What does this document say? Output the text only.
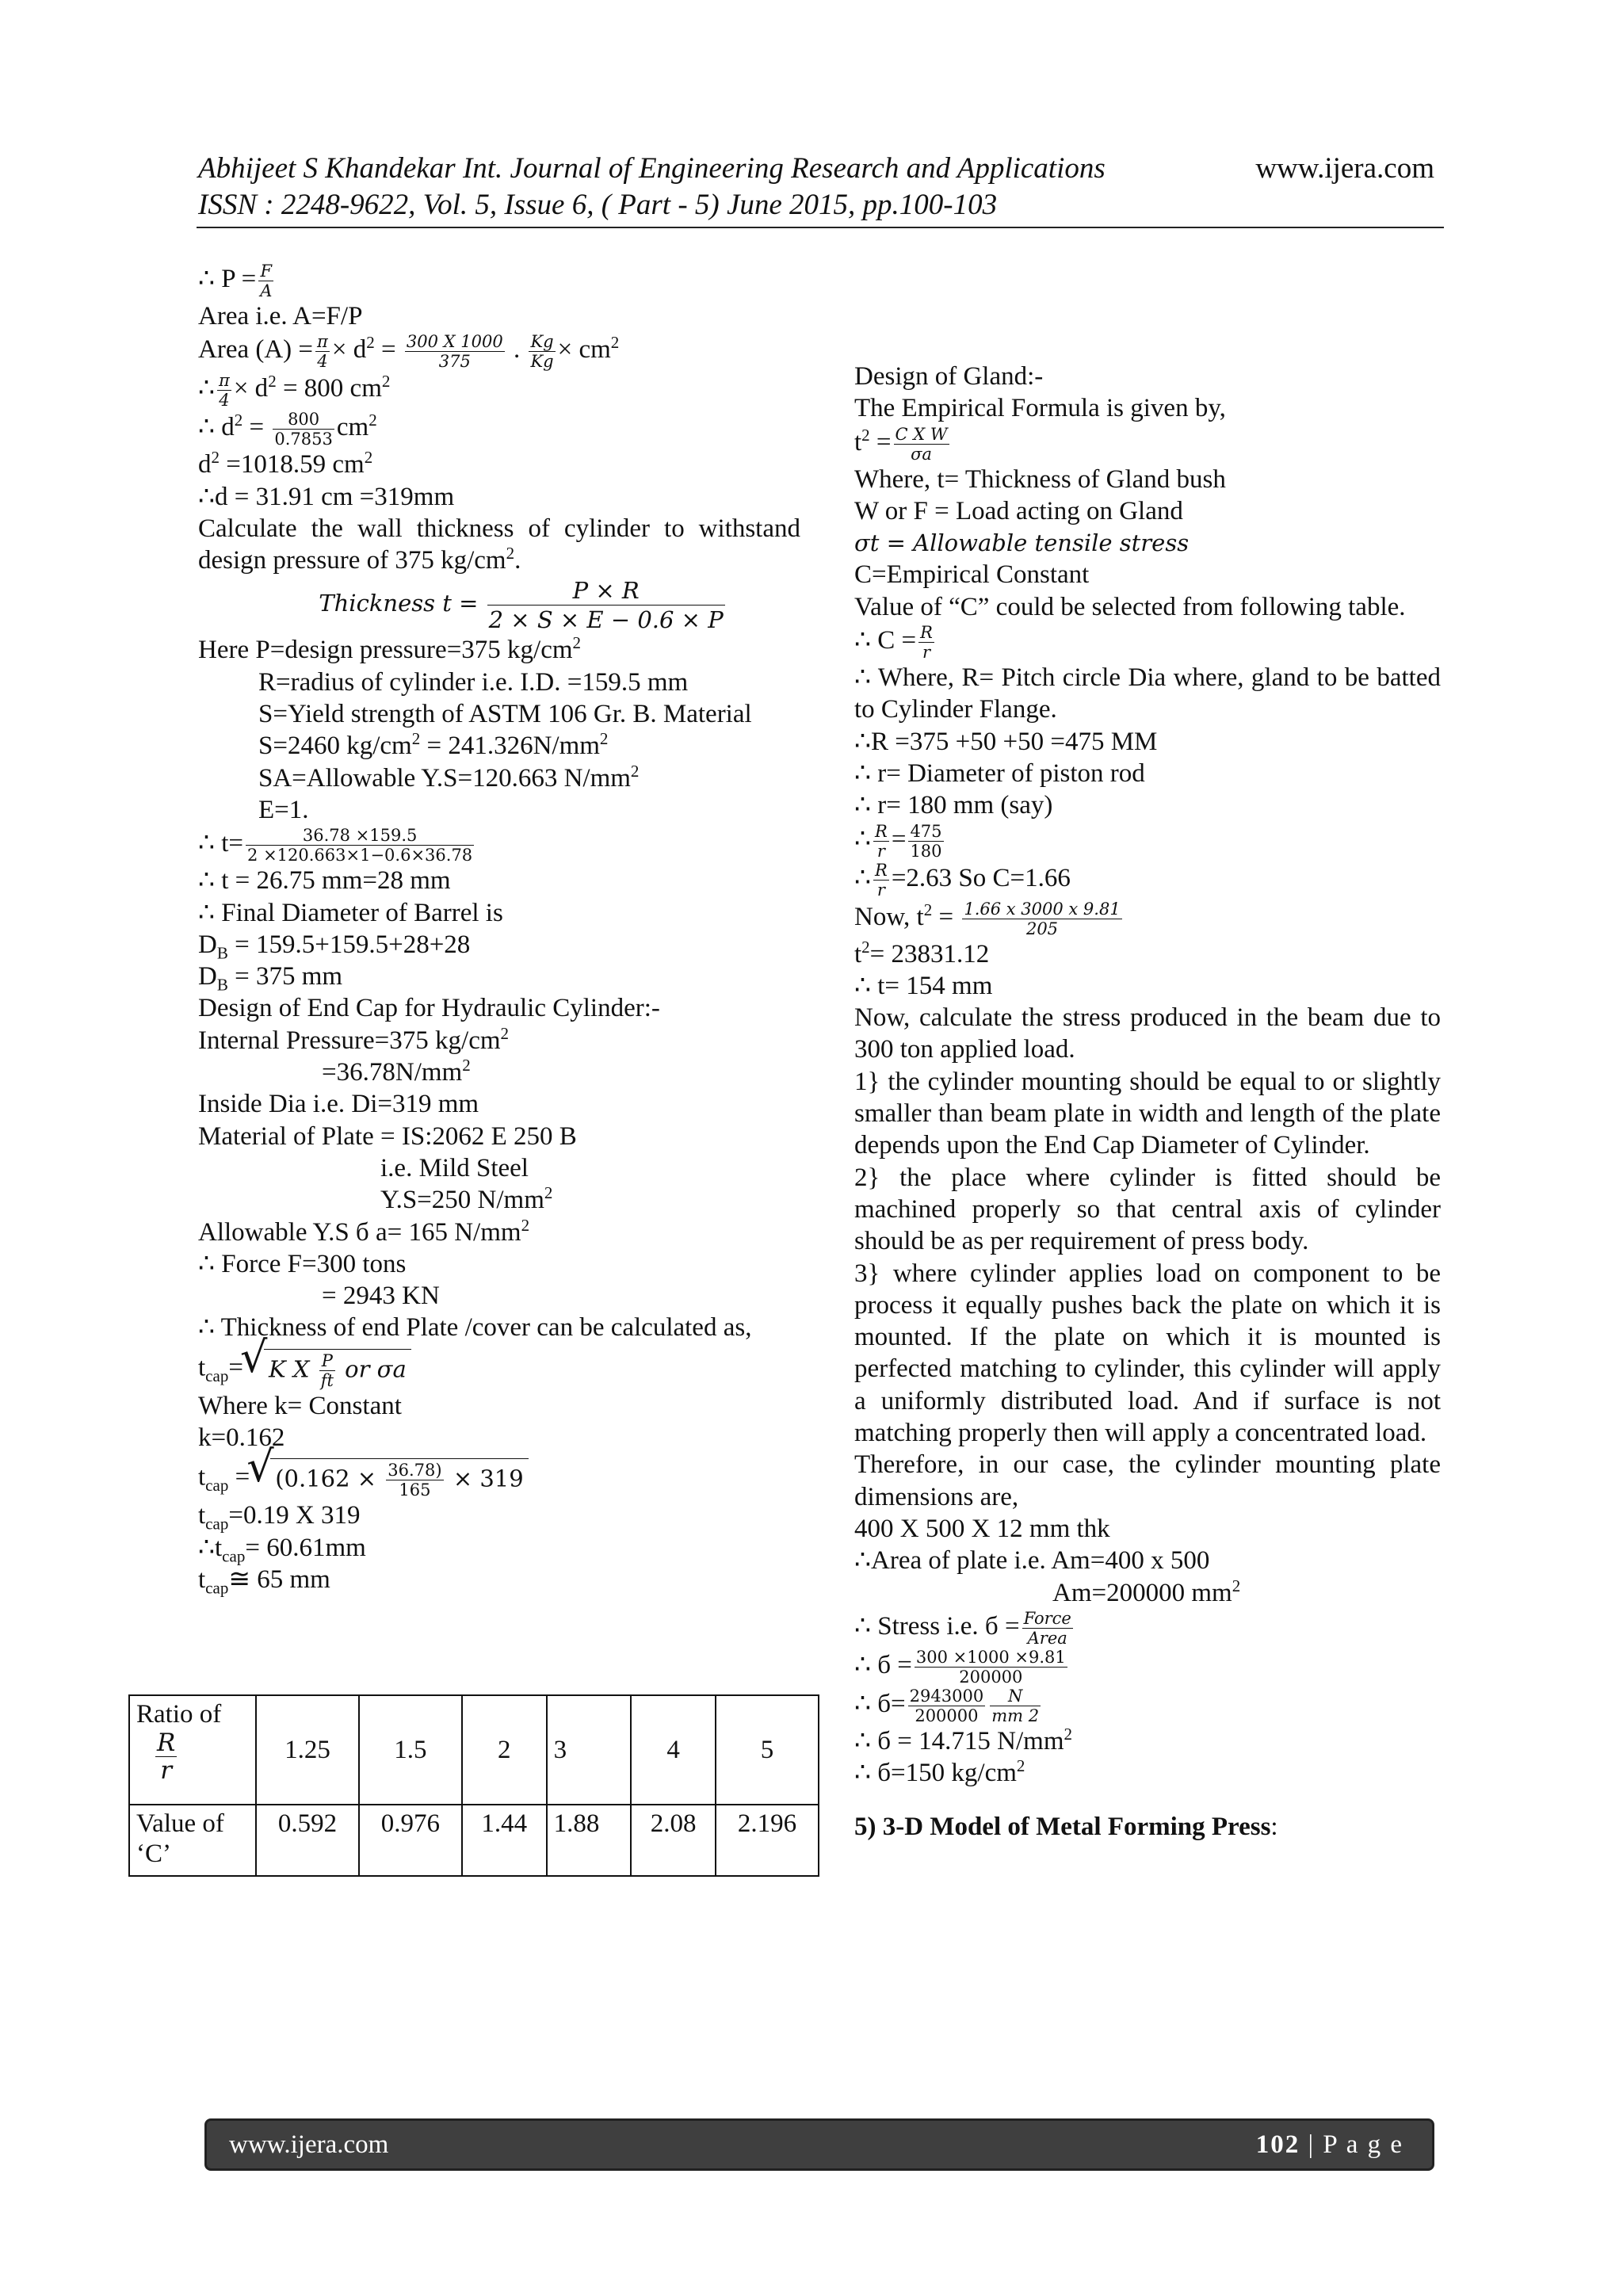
Abhijeet S Khandekar Int. Journal of Engineering Research and Applications
ISSN : 2248-9622, Vol. 5, Issue 6, ( Part - 5) June 2015, pp.100-103
www.ijera.com
∴ $P = \frac{F}{A}$
Area i.e. A=F/P
Area $(A) = \frac{\pi}{4} \times d^2 = \frac{300 X 1000}{375}$ . $\frac{Kg}{Kg} \times cm^2$
∴ $\frac{\pi}{4} \times d^2 = 800$ $cm^2$
∴ $d^2 = \frac{800}{0.7853} cm^2$
$d^2 =1018.59$ $cm^2$
∴d = 31.91 cm =319mm
Calculate the wall thickness of cylinder to withstand design pressure of 375 $kg/cm^2$.
Thickness $t = \frac{P \times R}{2 \times S \times E - 0.6 \times P}$
Here P=design pressure=375 $kg/cm^2$
R=radius of cylinder i.e. I.D. =159.5 mm
S=Yield strength of ASTM 106 Gr. B. Material
S=2460 $kg/cm^2 = 241.326N/mm^2$
SA=Allowable Y.S=120.663 $N/mm^2$
E=1.
∴ $t= \frac{36.78 \times 159.5}{2 \times 120.663\times 1-0.6\times 36.78}$
∴ t = 26.75 mm=28 mm
∴ Final Diameter of Barrel is
$D_B = 159.5+159.5+28+28$
$D_B = 375$ mm
Design of End Cap for Hydraulic Cylinder:-
Internal Pressure=375 $kg/cm^2$
$=36.78N/mm^2$
Inside Dia i.e. Di=319 mm
Material of Plate = IS:2062 E 250 B
i.e. Mild Steel
Y.S=250 $N/mm^2$
Allowable Y.S б a= 165 $N/mm^2$
∴ Force F=300 tons
= 2943 KN
∴ Thickness of end Plate /cover can be calculated as,
$t_{cap}=$ √ K X $\frac{P}{ft}$ or σa
Where k= Constant
k=0.162
$t_{cap}$ = √ ($0.162 \times \frac{36.78)}{165} \times 319$
$t_{cap}=0.19$ X 319
$\therefore t_{cap}= 60.61mm$
$t_{cap}≅$ 65 mm
Ratio of

$\frac{R}{r}$	1.25	1.5	2	3	4	5
Value of ‘C’	0.592	0.976	1.44	1.88	2.08	2.196
Design of Gland:-
The Empirical Formula is given by,
$t^2 = \frac{\text{C X W}}{\sigma a}$
Where, t= Thickness of Gland bush
W or F = Load acting on Gland
σt = Allowable tensile stress
C=Empirical Constant
Value of “C” could be selected from following table.
∴ $C = \frac{R}{r}$
∴ Where, R= Pitch circle Dia where, gland to be batted to Cylinder Flange.
∴R =375 +50 +50 =475 MM
∴ r= Diameter of piston rod
∴ r= 180 mm (say)
∴ $\frac{R}{r} = \frac{475}{180}$
∴ $\frac{R}{r} =2.63$ So C=1.66
Now, $t^2 = \frac{1.66 x 3000 x 9.81}{205}$
$t^2= 23831.12$
∴ t= 154 mm
Now, calculate the stress produced in the beam due to 300 ton applied load.
1} the cylinder mounting should be equal to or slightly smaller than beam plate in width and length of the plate depends upon the End Cap Diameter of Cylinder.
2} the place where cylinder is fitted should be machined properly so that central axis of cylinder should be as per requirement of press body.
3} where cylinder applies load on component to be process it equally pushes back the plate on which it is mounted. If the plate on which it is mounted is perfected matching to cylinder, this cylinder will apply a uniformly distributed load. And if surface is not matching properly then will apply a concentrated load.
Therefore, in our case, the cylinder mounting plate dimensions are,
400 X 500 X 12 mm thk
∴Area of plate i.e. Am=400 x 500
Am=200000 $mm^2$
∴ Stress i.e. $б = \frac{\text{Force}}{\text{Area}}$
∴ $б = \frac{300 \times 1000 \times 9.81}{200000}$
∴ $б= \frac{2943000}{200000} \frac{N}{mm 2}$
∴ б = 14.715 $N/mm^2$
∴ б=150 $kg/cm^2$
5) 3-D Model of Metal Forming Press:
www.ijera.com	102 | P a g e
